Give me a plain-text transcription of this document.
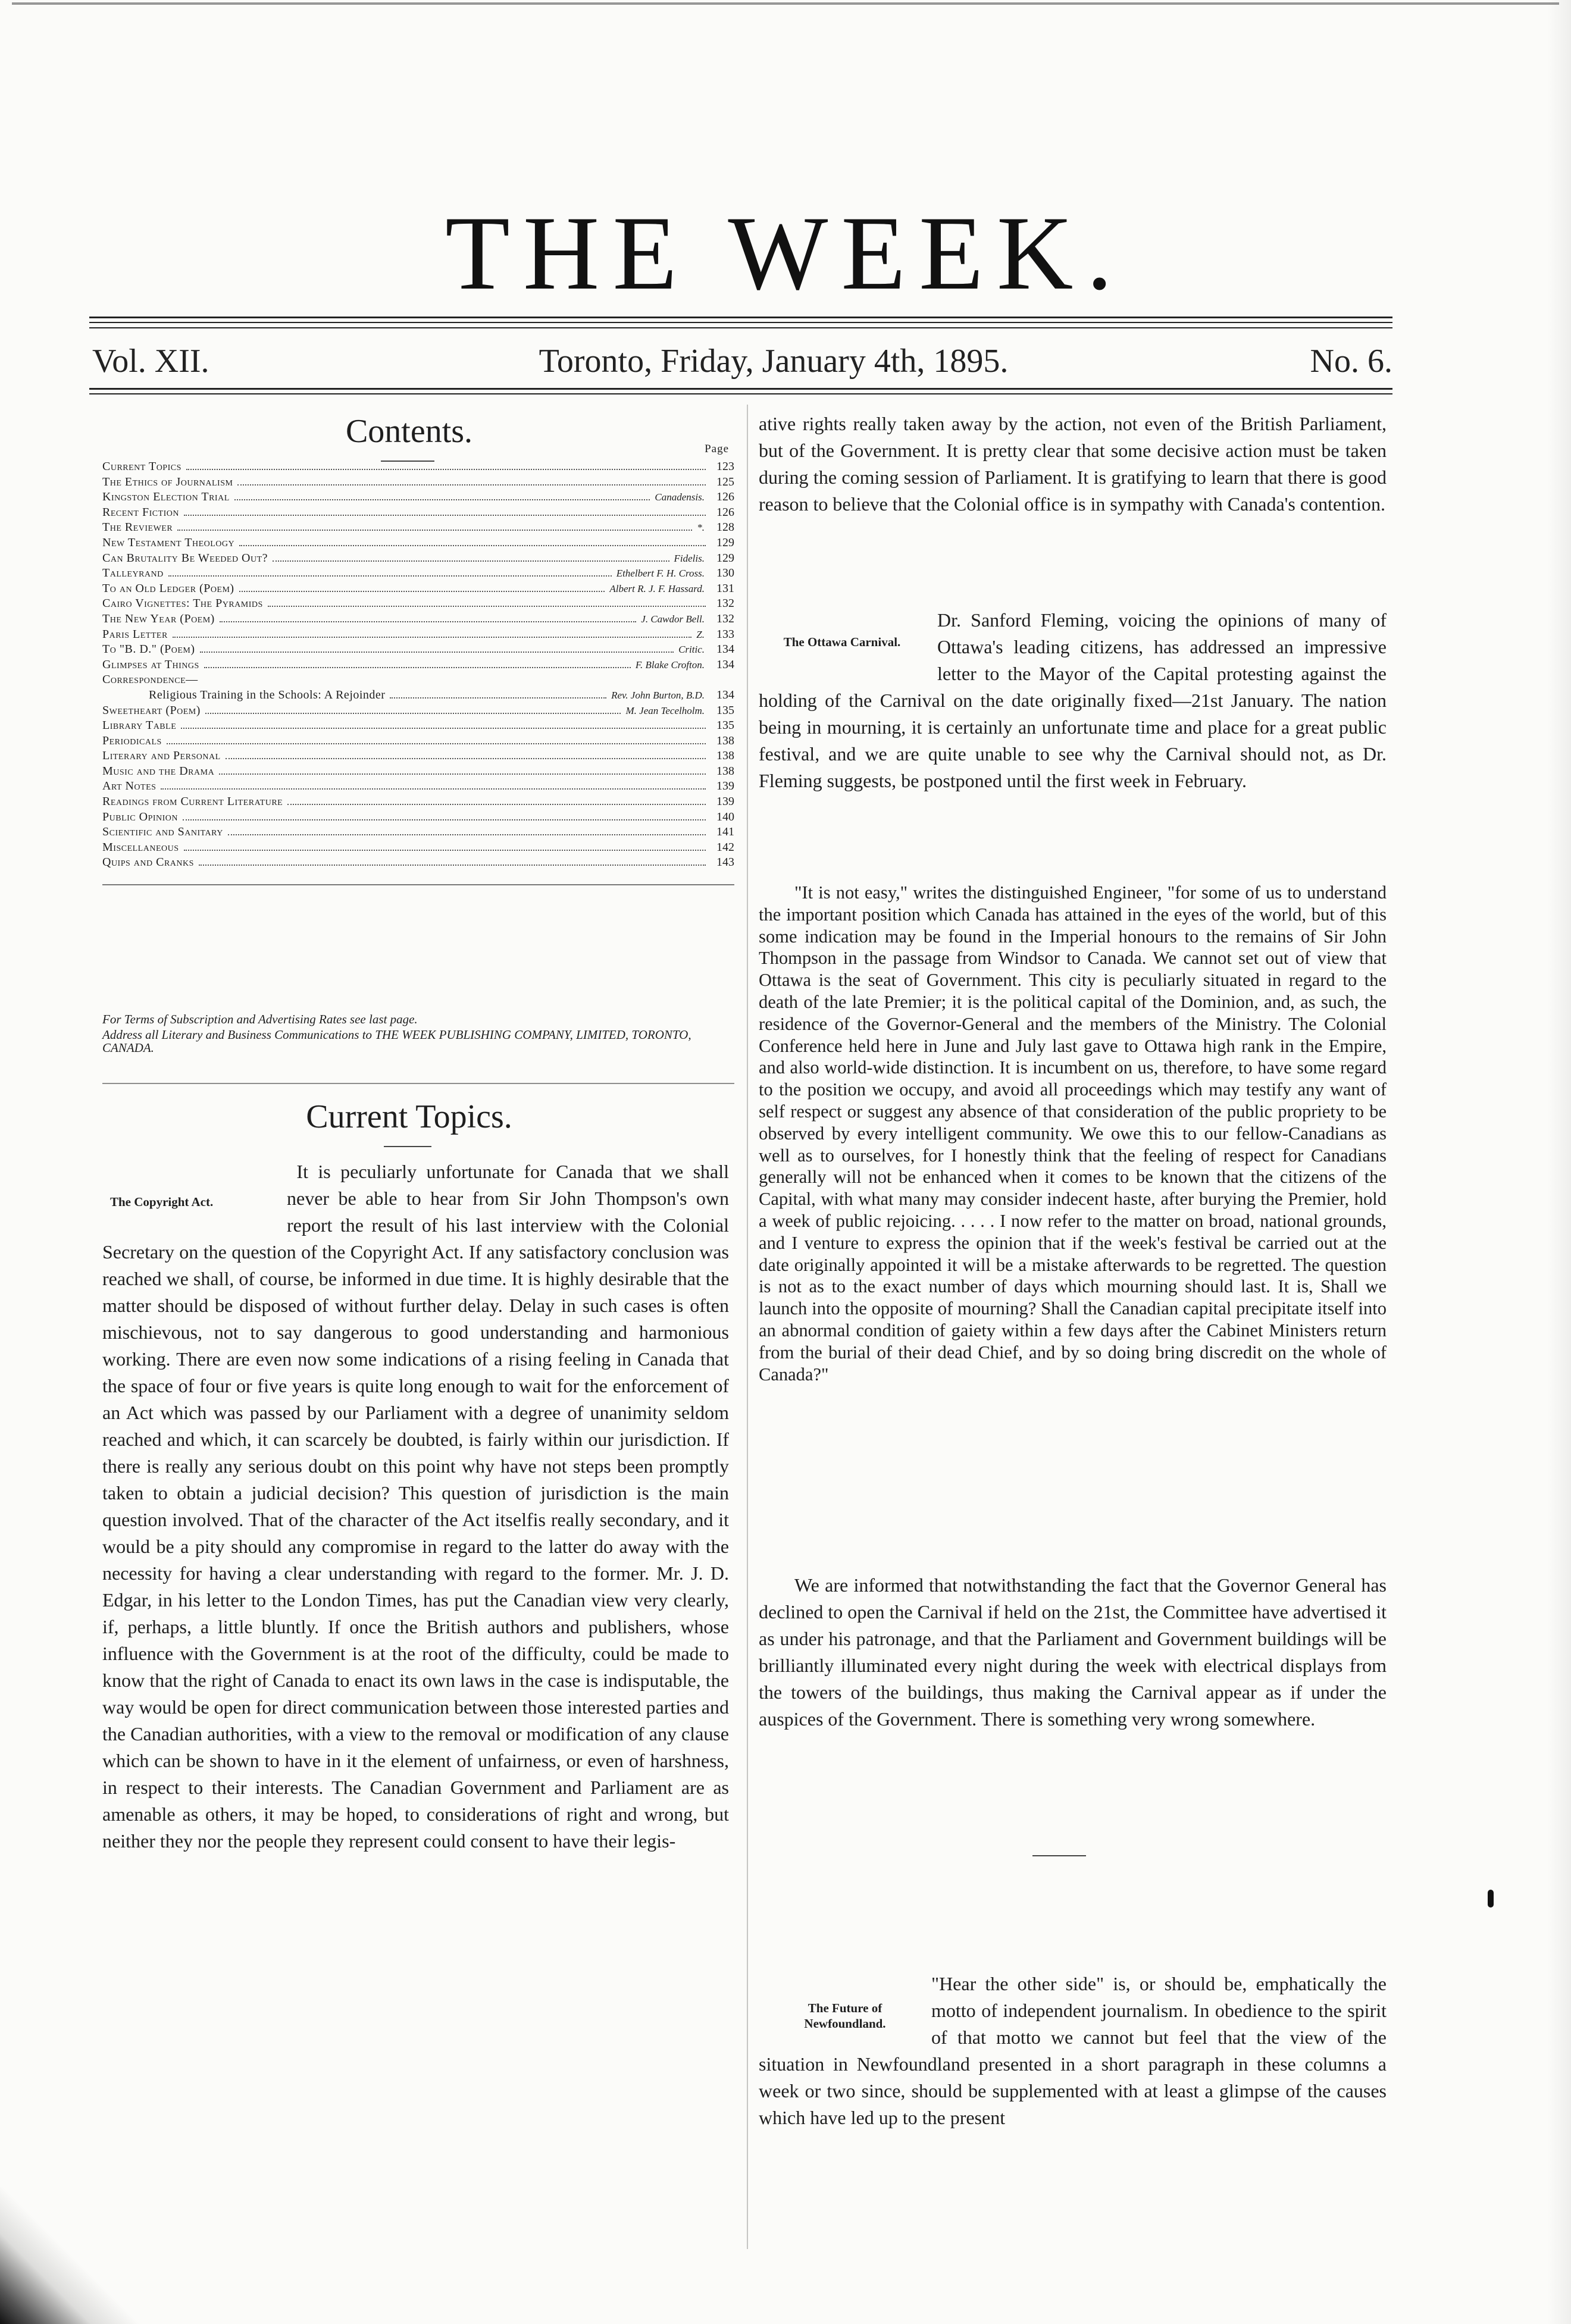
THE WEEK.
Vol. XII.	Toronto, Friday, January 4th, 1895.	No. 6.
Contents.	Page
Current Topics	123
The Ethics of Journalism	125
Kingston Election Trial	Canadensis.	126
Recent Fiction	126
The Reviewer	*.	128
New Testament Theology	129
Can Brutality Be Weeded Out?	Fidelis.	129
Talleyrand	Ethelbert F. H. Cross.	130
To an Old Ledger (Poem)	Albert R. J. F. Hassard.	131
Cairo Vignettes: The Pyramids	132
The New Year (Poem)	J. Cawdor Bell.	132
Paris Letter	Z.	133
To "B. D." (Poem)	Critic.	134
Glimpses at Things	F. Blake Crofton.	134
Correspondence—
Religious Training in the Schools: A Rejoinder	Rev. John Burton, B.D.	134
Sweetheart (Poem)	M. Jean Tecelholm.	135
Library Table	135
Periodicals	138
Literary and Personal	138
Music and the Drama	138
Art Notes	139
Readings from Current Literature	139
Public Opinion	140
Scientific and Sanitary	141
Miscellaneous	142
Quips and Cranks	143
For Terms of Subscription and Advertising Rates see last page.
Address all Literary and Business Communications to THE WEEK PUBLISHING COMPANY, LIMITED, TORONTO, CANADA.
Current Topics.
The Copyright Act.
It is peculiarly unfortunate for Canada that we shall never be able to hear from Sir John Thompson's own report the result of his last interview with the Colonial Secretary on the question of the Copyright Act. If any satisfactory conclusion was reached we shall, of course, be informed in due time. It is highly desirable that the matter should be disposed of without further delay. Delay in such cases is often mischievous, not to say dangerous to good understanding and harmonious working. There are even now some indications of a rising feeling in Canada that the space of four or five years is quite long enough to wait for the enforcement of an Act which was passed by our Parliament with a degree of unanimity seldom reached and which, it can scarcely be doubted, is fairly within our jurisdiction. If there is really any serious doubt on this point why have not steps been promptly taken to obtain a judicial decision? This question of jurisdiction is the main question involved. That of the character of the Act itselfis really secondary, and it would be a pity should any compromise in regard to the latter do away with the necessity for having a clear understanding with regard to the former. Mr. J. D. Edgar, in his letter to the London Times, has put the Canadian view very clearly, if, perhaps, a little bluntly. If once the British authors and publishers, whose influence with the Government is at the root of the difficulty, could be made to know that the right of Canada to enact its own laws in the case is indisputable, the way would be open for direct communication between those interested parties and the Canadian authorities, with a view to the removal or modification of any clause which can be shown to have in it the element of unfairness, or even of harshness, in respect to their interests. The Canadian Government and Parliament are as amenable as others, it may be hoped, to considerations of right and wrong, but neither they nor the people they represent could consent to have their legis-
ative rights really taken away by the action, not even of the British Parliament, but of the Government. It is pretty clear that some decisive action must be taken during the coming session of Parliament. It is gratifying to learn that there is good reason to believe that the Colonial office is in sympathy with Canada's contention.
The Ottawa Carnival.
Dr. Sanford Fleming, voicing the opinions of many of Ottawa's leading citizens, has addressed an impressive letter to the Mayor of the Capital protesting against the holding of the Carnival on the date originally fixed—21st January. The nation being in mourning, it is certainly an unfortunate time and place for a great public festival, and we are quite unable to see why the Carnival should not, as Dr. Fleming suggests, be postponed until the first week in February.
"It is not easy," writes the distinguished Engineer, "for some of us to understand the important position which Canada has attained in the eyes of the world, but of this some indication may be found in the Imperial honours to the remains of Sir John Thompson in the passage from Windsor to Canada. We cannot set out of view that Ottawa is the seat of Government. This city is peculiarly situated in regard to the death of the late Premier; it is the political capital of the Dominion, and, as such, the residence of the Governor-General and the members of the Ministry. The Colonial Conference held here in June and July last gave to Ottawa high rank in the Empire, and also world-wide distinction. It is incumbent on us, therefore, to have some regard to the position we occupy, and avoid all proceedings which may testify any want of self respect or suggest any absence of that consideration of the public propriety to be observed by every intelligent community. We owe this to our fellow-Canadians as well as to ourselves, for I honestly think that the feeling of respect for Canadians generally will not be enhanced when it comes to be known that the citizens of the Capital, with what many may consider indecent haste, after burying the Premier, hold a week of public rejoicing. . . . . I now refer to the matter on broad, national grounds, and I venture to express the opinion that if the week's festival be carried out at the date originally appointed it will be a mistake afterwards to be regretted. The question is not as to the exact number of days which mourning should last. It is, Shall we launch into the opposite of mourning? Shall the Canadian capital precipitate itself into an abnormal condition of gaiety within a few days after the Cabinet Ministers return from the burial of their dead Chief, and by so doing bring discredit on the whole of Canada?"
We are informed that notwithstanding the fact that the Governor General has declined to open the Carnival if held on the 21st, the Committee have advertised it as under his patronage, and that the Parliament and Government buildings will be brilliantly illuminated every night during the week with electrical displays from the towers of the buildings, thus making the Carnival appear as if under the auspices of the Government. There is something very wrong somewhere.
The Future of Newfoundland.
"Hear the other side" is, or should be, emphatically the motto of independent journalism. In obedience to the spirit of that motto we cannot but feel that the view of the situation in Newfoundland presented in a short paragraph in these columns a week or two since, should be supplemented with at least a glimpse of the causes which have led up to the present
